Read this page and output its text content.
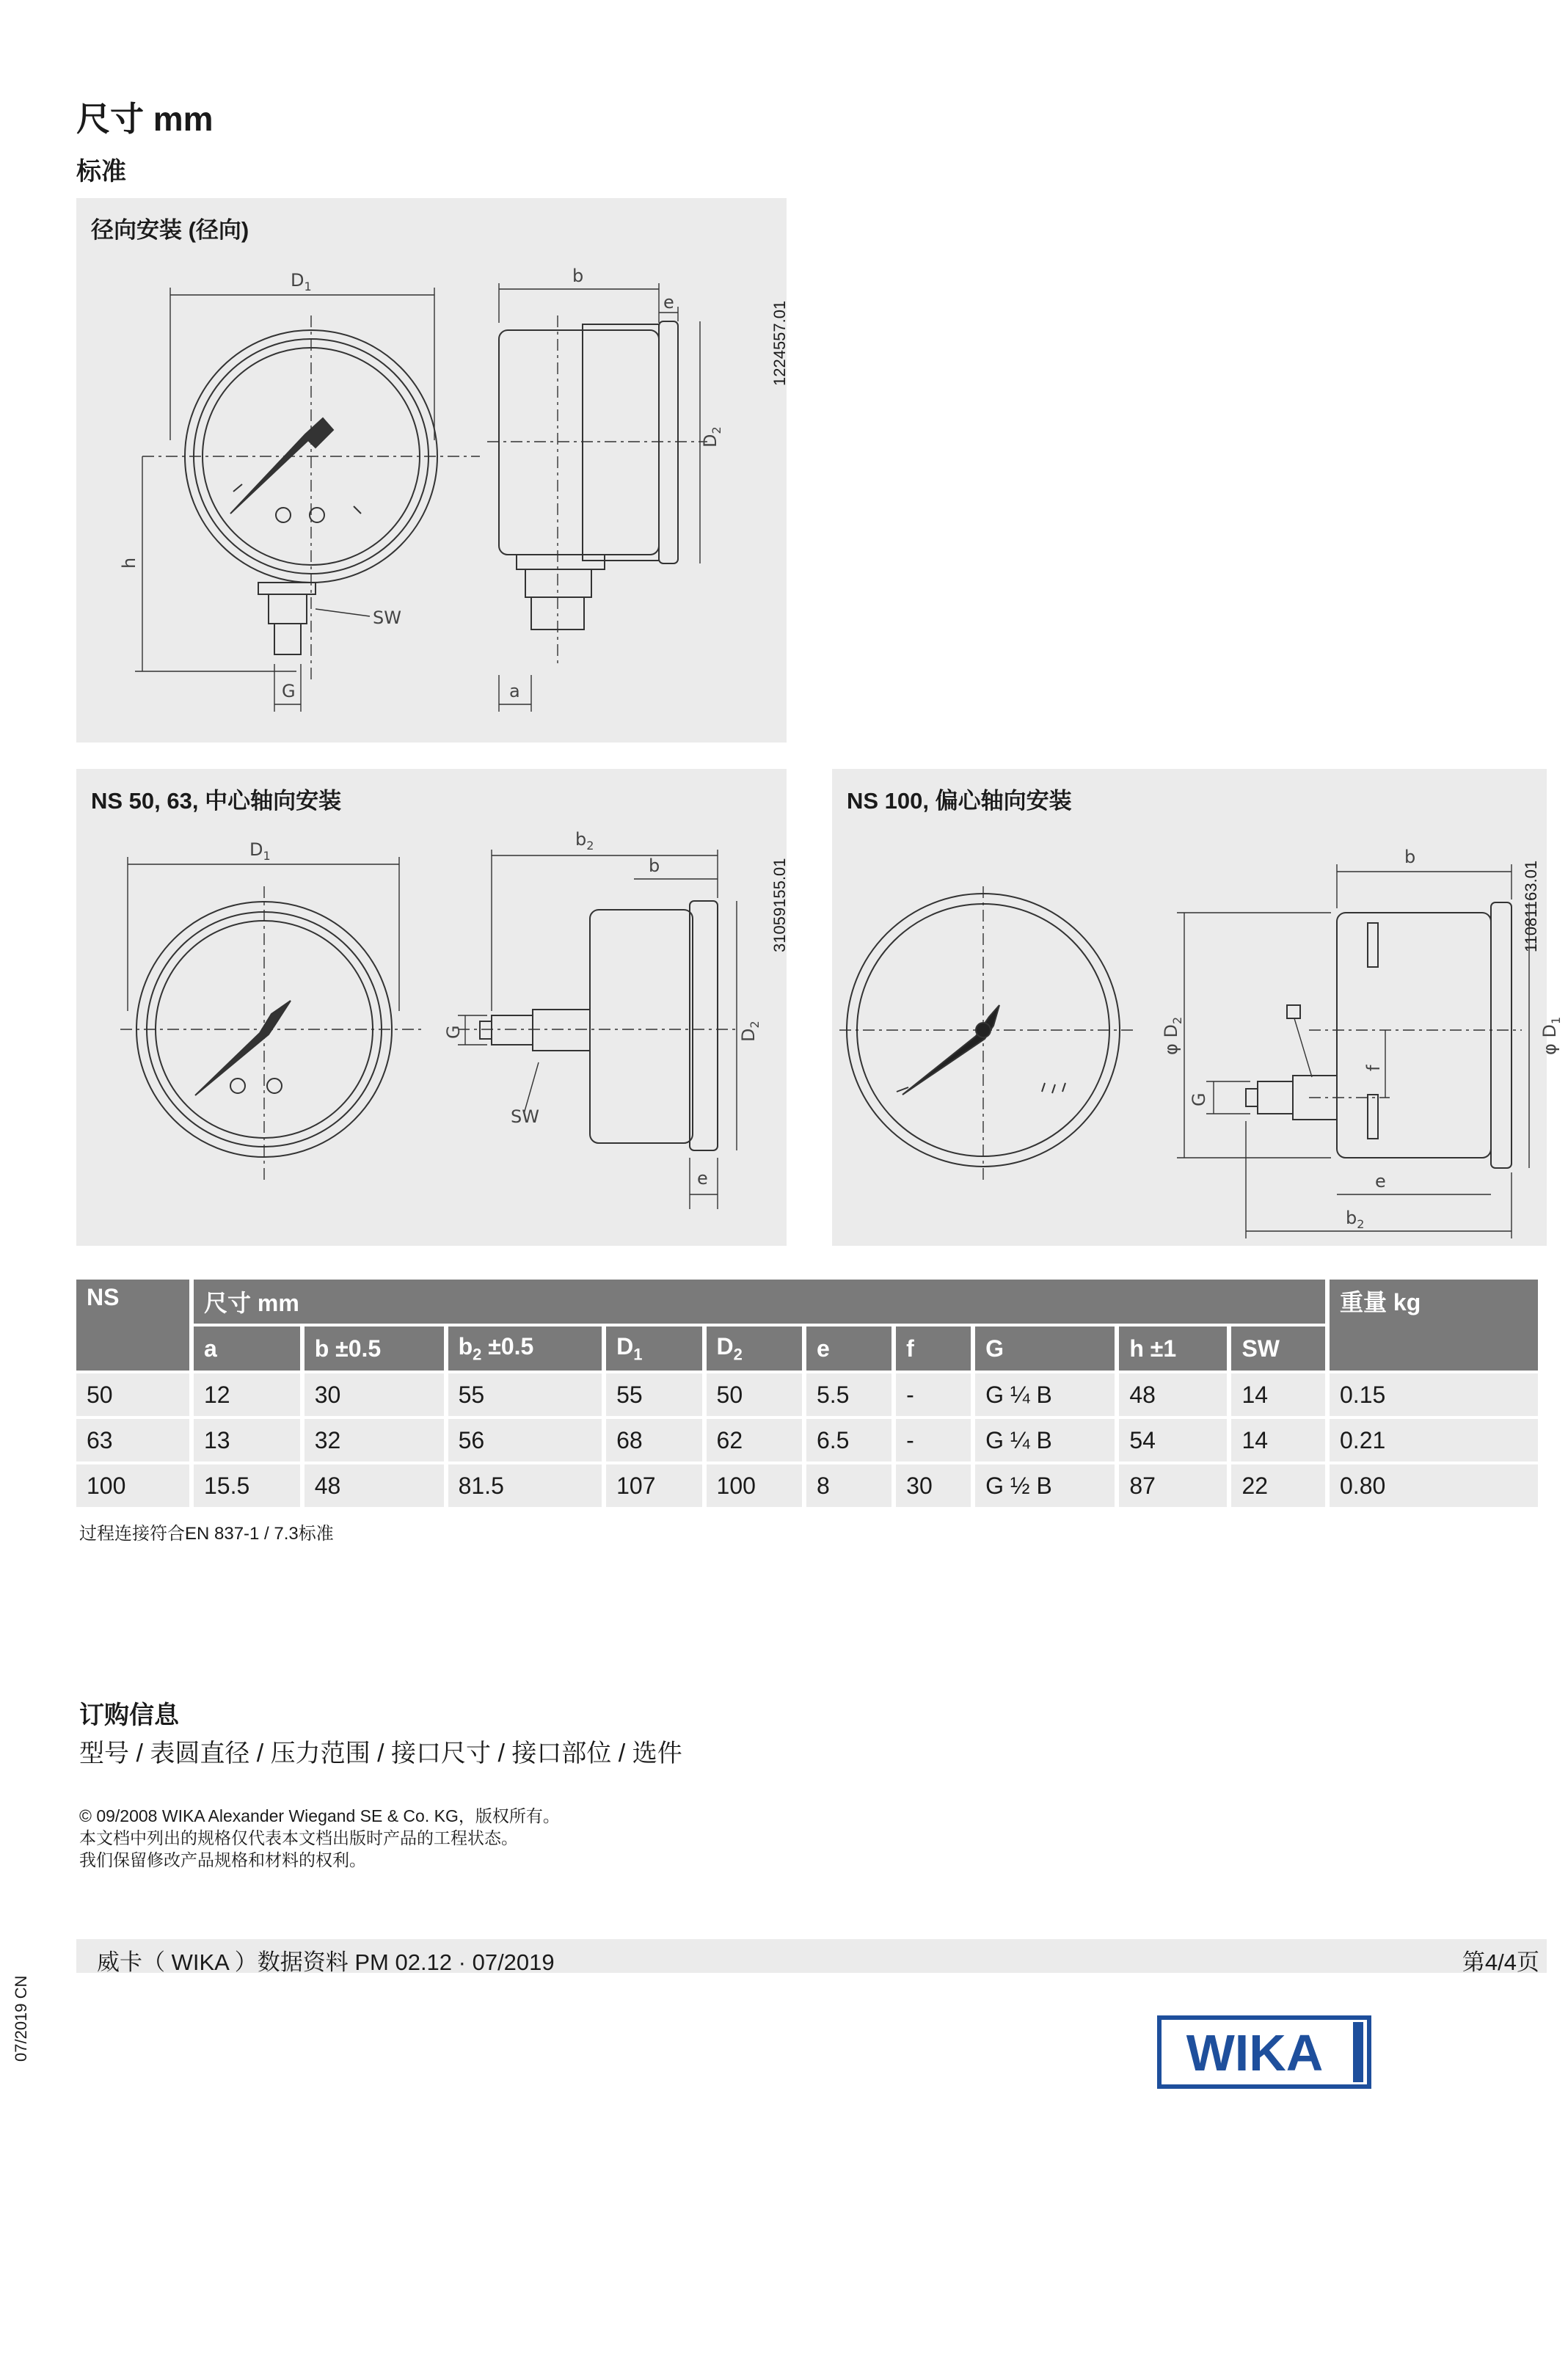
尺寸 mm
标准
径向安装 (径向)
1224557.01
$D_1$
b
e
$D_2$
h
SW
G	a
NS 50, 63, 中心轴向安装
31059155.01
$D_1$
$b_2$
b
G
SW
$D_2$
e
NS 100, 偏心轴向安装
11081163.01
b
φ $D_2$
φ $D_1$
G
f
e
$b_2$
NS	尺寸 mm										重量 kg
	a	b ±0.5	$b_2 \pm 0.5$	$D_1$	$D_2$	e	f	G	h ±1	SW	
50	12	30	55	55	50	5.5	-	G ¼ B	48	14	0.15
63	13	32	56	68	62	6.5	-	G ¼ B	54	14	0.21
100	15.5	48	81.5	107	100	8	30	G ½ B	87	22	0.80
过程连接符合EN 837-1 / 7.3标准
订购信息
型号 / 表圆直径 / 压力范围 / 接口尺寸 / 接口部位 / 选件
© 09/2008 WIKA Alexander Wiegand SE & Co. KG，版权所有。
本文档中列出的规格仅代表本文档出版时产品的工程状态。
我们保留修改产品规格和材料的权利。
威卡（ WIKA ）数据资料 PM 02.12 · 07/2019	第4/4页
07/2019 CN	WIKA
